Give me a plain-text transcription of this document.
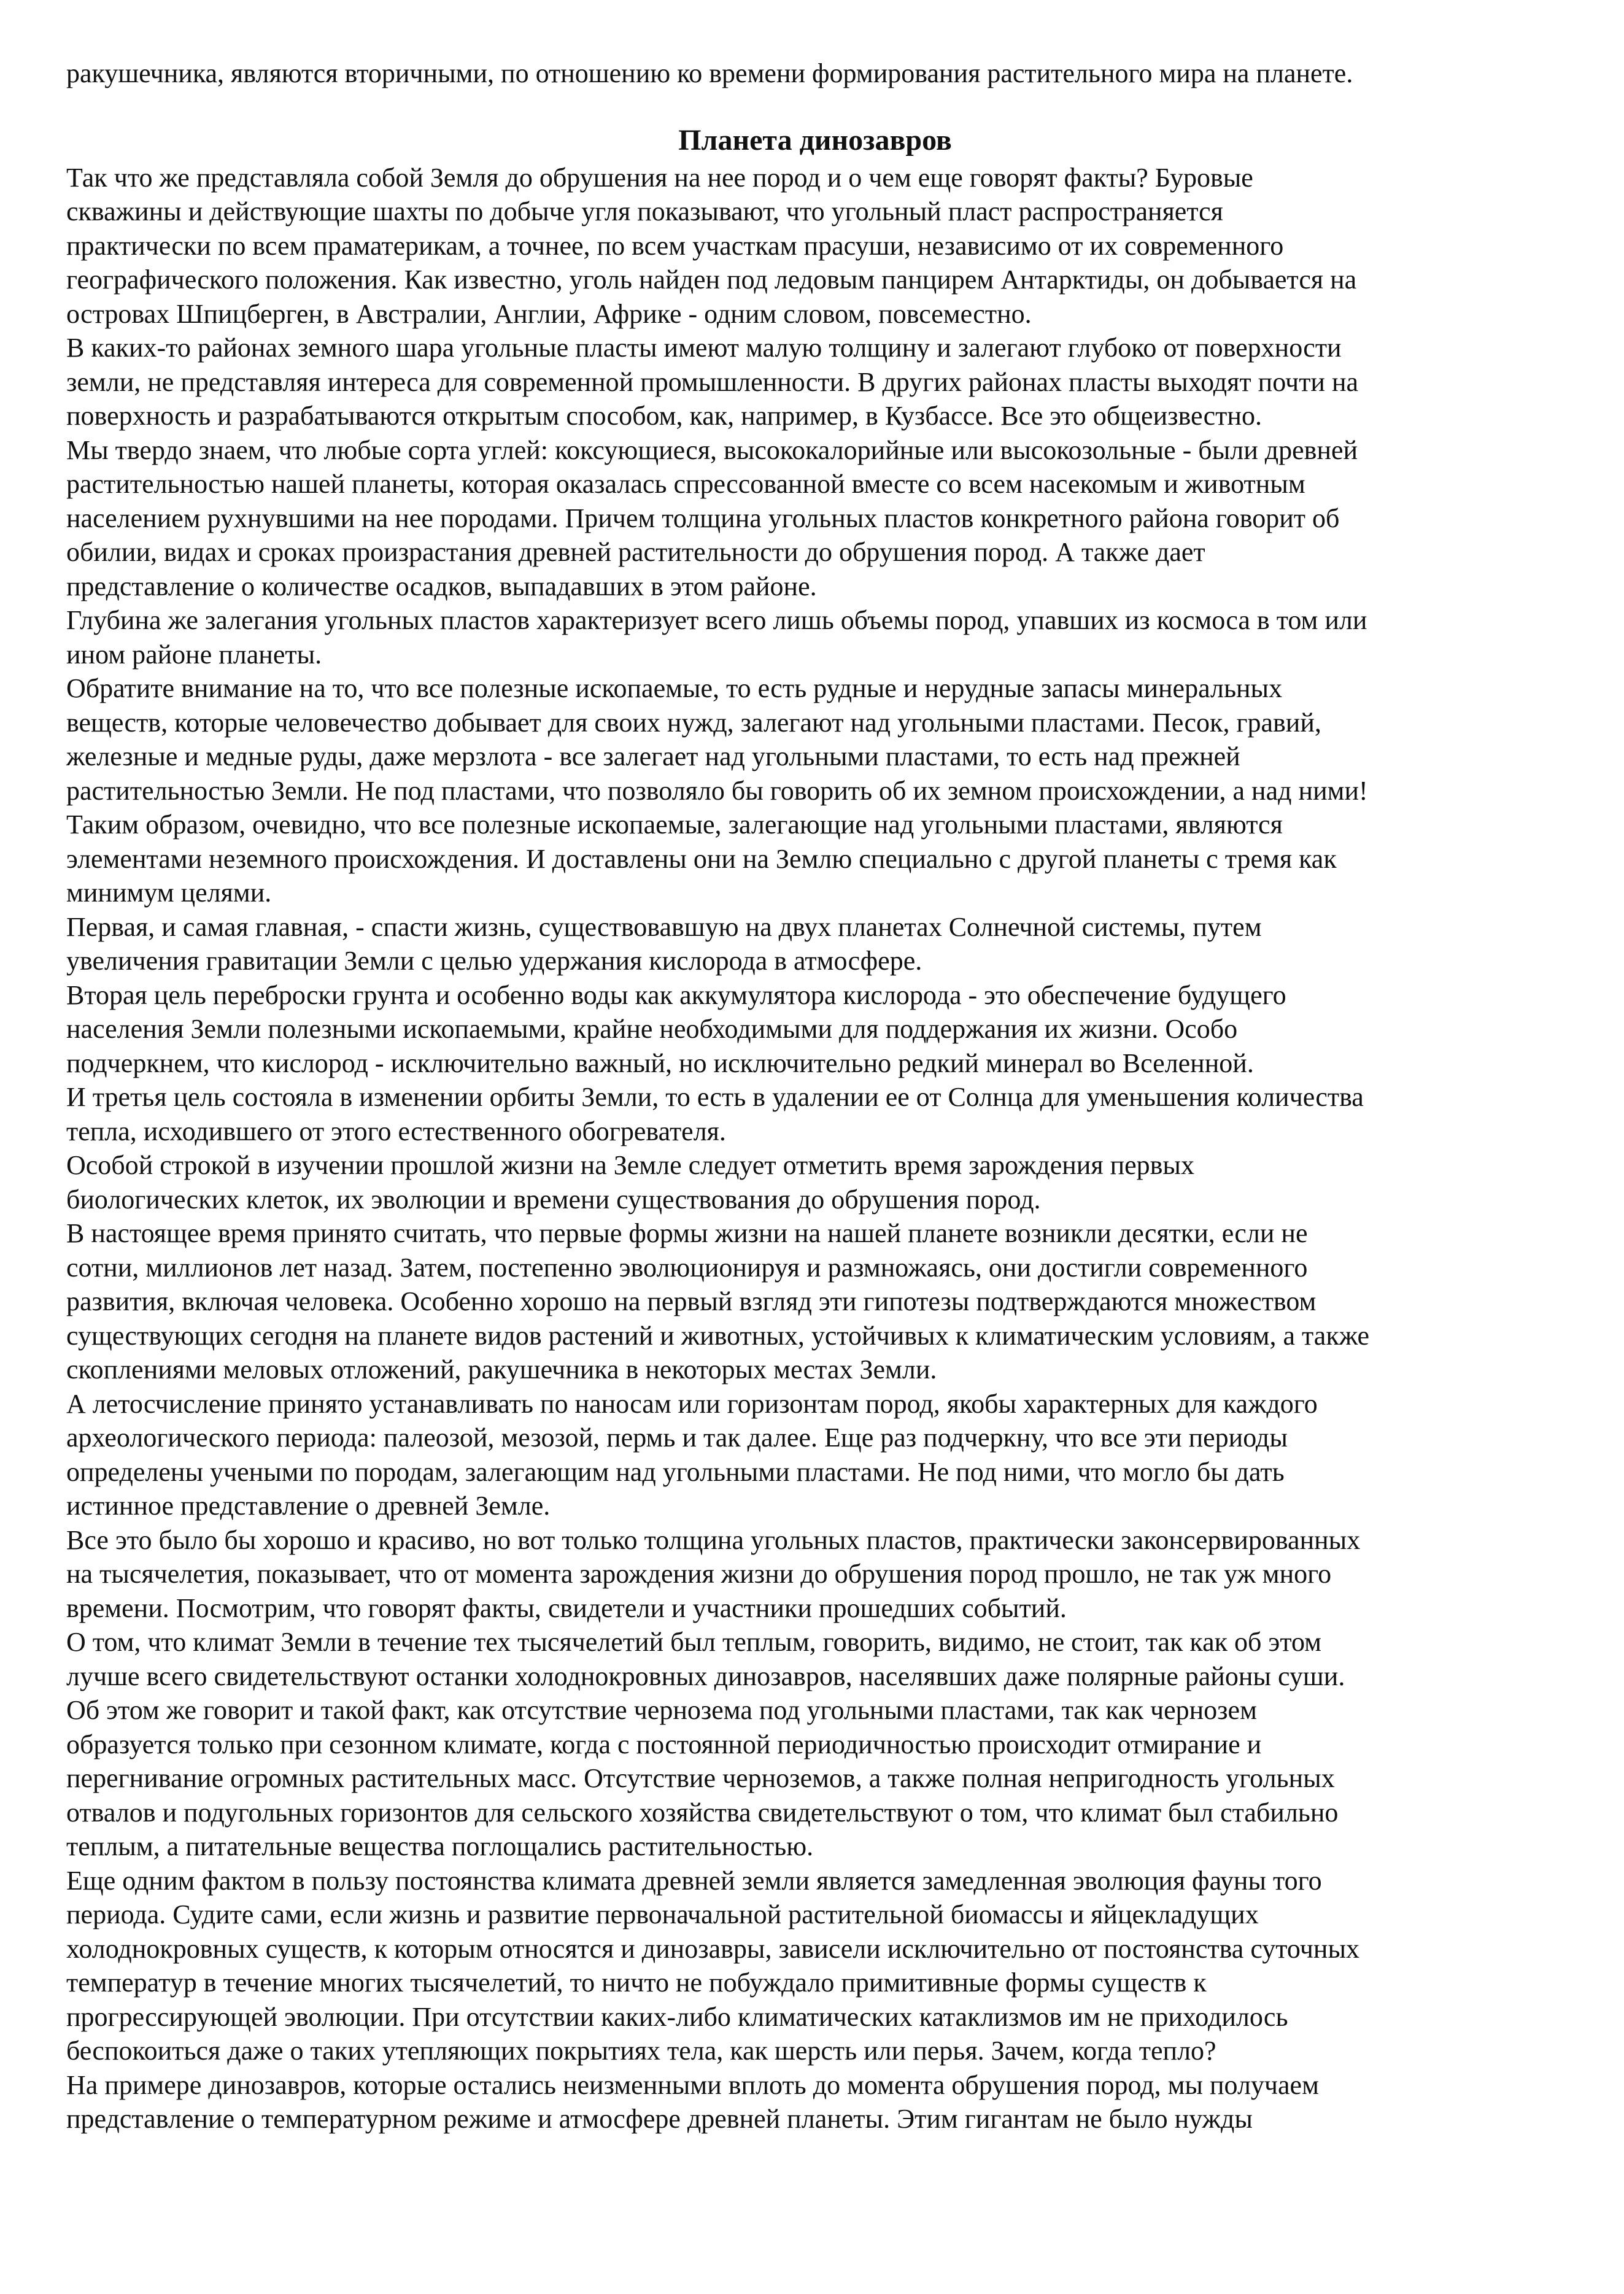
ракушечника, являются вторичными, по отношению ко времени формирования растительного мира на планете.
Планета динозавров
Так что же представляла собой Земля до обрушения на нее пород и о чем еще говорят факты? Буровые
скважины и действующие шахты по добыче угля показывают, что угольный пласт распространяется
практически по всем праматерикам, а точнее, по всем участкам прасуши, независимо от их современного
географического положения. Как известно, уголь найден под ледовым панцирем Антарктиды, он добывается на
островах Шпицберген, в Австралии, Англии, Африке - одним словом, повсеместно.
В каких-то районах земного шара угольные пласты имеют малую толщину и залегают глубоко от поверхности
земли, не представляя интереса для современной промышленности. В других районах пласты выходят почти на
поверхность и разрабатываются открытым способом, как, например, в Кузбассе. Все это общеизвестно.
Мы твердо знаем, что любые сорта углей: коксующиеся, высококалорийные или высокозольные - были древней
растительностью нашей планеты, которая оказалась спрессованной вместе со всем насекомым и животным
населением рухнувшими на нее породами. Причем толщина угольных пластов конкретного района говорит об
обилии, видах и сроках произрастания древней растительности до обрушения пород. А также дает
представление о количестве осадков, выпадавших в этом районе.
Глубина же залегания угольных пластов характеризует всего лишь объемы пород, упавших из космоса в том или
ином районе планеты.
Обратите внимание на то, что все полезные ископаемые, то есть рудные и нерудные запасы минеральных
веществ, которые человечество добывает для своих нужд, залегают над угольными пластами. Песок, гравий,
железные и медные руды, даже мерзлота - все залегает над угольными пластами, то есть над прежней
растительностью Земли. Не под пластами, что позволяло бы говорить об их земном происхождении, а над ними!
Таким образом, очевидно, что все полезные ископаемые, залегающие над угольными пластами, являются
элементами неземного происхождения. И доставлены они на Землю специально с другой планеты с тремя как
минимум целями.
Первая, и самая главная, - спасти жизнь, существовавшую на двух планетах Солнечной системы, путем
увеличения гравитации Земли с целью удержания кислорода в атмосфере.
Вторая цель переброски грунта и особенно воды как аккумулятора кислорода - это обеспечение будущего
населения Земли полезными ископаемыми, крайне необходимыми для поддержания их жизни. Особо
подчеркнем, что кислород - исключительно важный, но исключительно редкий минерал во Вселенной.
И третья цель состояла в изменении орбиты Земли, то есть в удалении ее от Солнца для уменьшения количества
тепла, исходившего от этого естественного обогревателя.
Особой строкой в изучении прошлой жизни на Земле следует отметить время зарождения первых
биологических клеток, их эволюции и времени существования до обрушения пород.
В настоящее время принято считать, что первые формы жизни на нашей планете возникли десятки, если не
сотни, миллионов лет назад. Затем, постепенно эволюционируя и размножаясь, они достигли современного
развития, включая человека. Особенно хорошо на первый взгляд эти гипотезы подтверждаются множеством
существующих сегодня на планете видов растений и животных, устойчивых к климатическим условиям, а также
скоплениями меловых отложений, ракушечника в некоторых местах Земли.
А летосчисление принято устанавливать по наносам или горизонтам пород, якобы характерных для каждого
археологического периода: палеозой, мезозой, пермь и так далее. Еще раз подчеркну, что все эти периоды
определены учеными по породам, залегающим над угольными пластами. Не под ними, что могло бы дать
истинное представление о древней Земле.
Все это было бы хорошо и красиво, но вот только толщина угольных пластов, практически законсервированных
на тысячелетия, показывает, что от момента зарождения жизни до обрушения пород прошло, не так уж много
времени. Посмотрим, что говорят факты, свидетели и участники прошедших событий.
О том, что климат Земли в течение тех тысячелетий был теплым, говорить, видимо, не стоит, так как об этом
лучше всего свидетельствуют останки холоднокровных динозавров, населявших даже полярные районы суши.
Об этом же говорит и такой факт, как отсутствие чернозема под угольными пластами, так как чернозем
образуется только при сезонном климате, когда с постоянной периодичностью происходит отмирание и
перегнивание огромных растительных масс. Отсутствие черноземов, а также полная непригодность угольных
отвалов и подугольных горизонтов для сельского хозяйства свидетельствуют о том, что климат был стабильно
теплым, а питательные вещества поглощались растительностью.
Еще одним фактом в пользу постоянства климата древней земли является замедленная эволюция фауны того
периода. Судите сами, если жизнь и развитие первоначальной растительной биомассы и яйцекладущих
холоднокровных существ, к которым относятся и динозавры, зависели исключительно от постоянства суточных
температур в течение многих тысячелетий, то ничто не побуждало примитивные формы существ к
прогрессирующей эволюции. При отсутствии каких-либо климатических катаклизмов им не приходилось
беспокоиться даже о таких утепляющих покрытиях тела, как шерсть или перья. Зачем, когда тепло?
На примере динозавров, которые остались неизменными вплоть до момента обрушения пород, мы получаем
представление о температурном режиме и атмосфере древней планеты. Этим гигантам не было нужды
